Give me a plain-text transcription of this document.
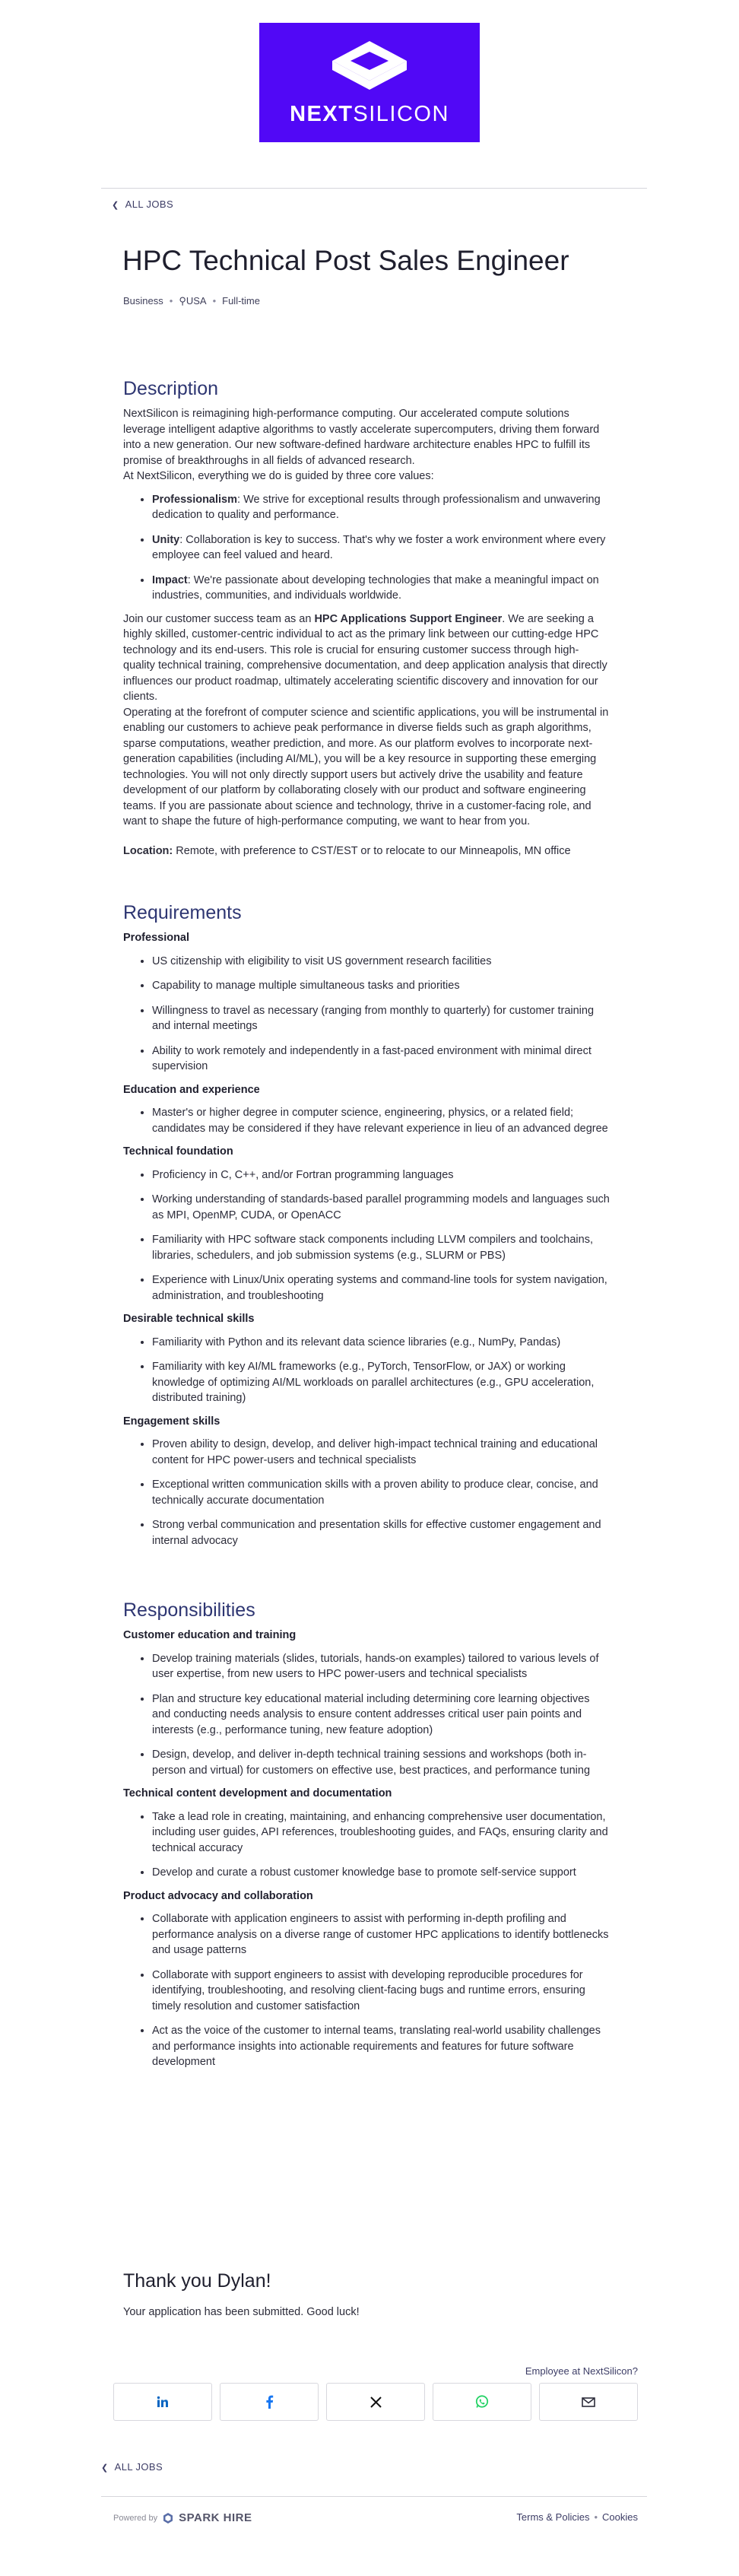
NEXTSILICON
❮ ALL JOBS
HPC Technical Post Sales Engineer
Business • ⚲USA • Full-time
Description

NextSilicon is reimagining high-performance computing. Our accelerated compute solutions leverage intelligent adaptive algorithms to vastly accelerate supercomputers, driving them forward into a new generation. Our new software-defined hardware architecture enables HPC to fulfill its promise of breakthroughs in all fields of advanced research.

At NextSilicon, everything we do is guided by three core values:

• Professionalism: We strive for exceptional results through professionalism and unwavering dedication to quality and performance.
• Unity: Collaboration is key to success. That's why we foster a work environment where every employee can feel valued and heard.
• Impact: We're passionate about developing technologies that make a meaningful impact on industries, communities, and individuals worldwide.

Join our customer success team as an HPC Applications Support Engineer. We are seeking a highly skilled, customer-centric individual to act as the primary link between our cutting-edge HPC technology and its end-users. This role is crucial for ensuring customer success through high-quality technical training, comprehensive documentation, and deep application analysis that directly influences our product roadmap, ultimately accelerating scientific discovery and innovation for our clients.

Operating at the forefront of computer science and scientific applications, you will be instrumental in enabling our customers to achieve peak performance in diverse fields such as graph algorithms, sparse computations, weather prediction, and more. As our platform evolves to incorporate next-generation capabilities (including AI/ML), you will be a key resource in supporting these emerging technologies. You will not only directly support users but actively drive the usability and feature development of our platform by collaborating closely with our product and software engineering teams. If you are passionate about science and technology, thrive in a customer-facing role, and want to shape the future of high-performance computing, we want to hear from you.

Location: Remote, with preference to CST/EST or to relocate to our Minneapolis, MN office

Requirements
Professional
• US citizenship with eligibility to visit US government research facilities
• Capability to manage multiple simultaneous tasks and priorities
• Willingness to travel as necessary (ranging from monthly to quarterly) for customer training and internal meetings
• Ability to work remotely and independently in a fast-paced environment with minimal direct supervision
Education and experience
• Master's or higher degree in computer science, engineering, physics, or a related field; candidates may be considered if they have relevant experience in lieu of an advanced degree
Technical foundation
• Proficiency in C, C++, and/or Fortran programming languages
• Working understanding of standards-based parallel programming models and languages such as MPI, OpenMP, CUDA, or OpenACC
• Familiarity with HPC software stack components including LLVM compilers and toolchains, libraries, schedulers, and job submission systems (e.g., SLURM or PBS)
• Experience with Linux/Unix operating systems and command-line tools for system navigation, administration, and troubleshooting
Desirable technical skills
• Familiarity with Python and its relevant data science libraries (e.g., NumPy, Pandas)
• Familiarity with key AI/ML frameworks (e.g., PyTorch, TensorFlow, or JAX) or working knowledge of optimizing AI/ML workloads on parallel architectures (e.g., GPU acceleration, distributed training)
Engagement skills
• Proven ability to design, develop, and deliver high-impact technical training and educational content for HPC power-users and technical specialists
• Exceptional written communication skills with a proven ability to produce clear, concise, and technically accurate documentation
• Strong verbal communication and presentation skills for effective customer engagement and internal advocacy
Responsibilities
Customer education and training
• Develop training materials (slides, tutorials, hands-on examples) tailored to various levels of user expertise, from new users to HPC power-users and technical specialists
• Plan and structure key educational material including determining core learning objectives and conducting needs analysis to ensure content addresses critical user pain points and interests (e.g., performance tuning, new feature adoption)
• Design, develop, and deliver in-depth technical training sessions and workshops (both in-person and virtual) for customers on effective use, best practices, and performance tuning
Technical content development and documentation
• Take a lead role in creating, maintaining, and enhancing comprehensive user documentation, including user guides, API references, troubleshooting guides, and FAQs, ensuring clarity and technical accuracy
• Develop and curate a robust customer knowledge base to promote self-service support
Product advocacy and collaboration
• Collaborate with application engineers to assist with performing in-depth profiling and performance analysis on a diverse range of customer HPC applications to identify bottlenecks and usage patterns
• Collaborate with support engineers to assist with developing reproducible procedures for identifying, troubleshooting, and resolving client-facing bugs and runtime errors, ensuring timely resolution and customer satisfaction
• Act as the voice of the customer to internal teams, translating real-world usability challenges and performance insights into actionable requirements and features for future software development
Thank you Dylan!
Your application has been submitted. Good luck!
Employee at NextSilicon?
❮ ALL JOBS
Powered by SPARK HIRE	Terms & Policies • Cookies
